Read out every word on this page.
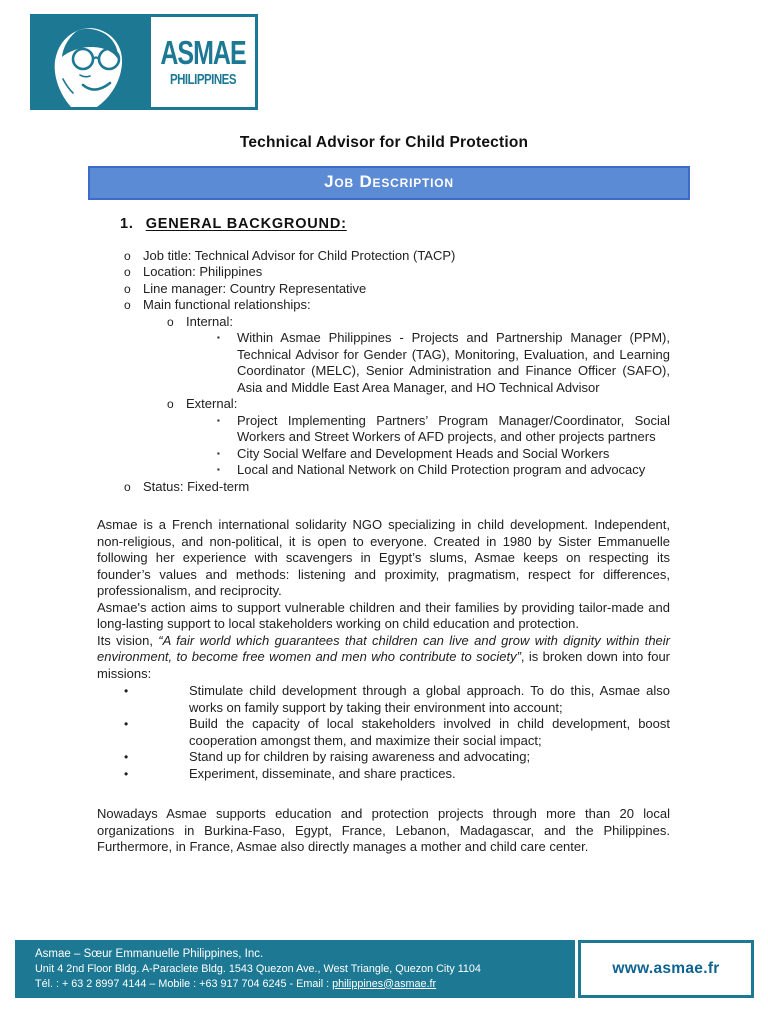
ASMAE
PHILIPPINES
Technical Advisor for Child Protection
Job Description
1. GENERAL BACKGROUND:
o Job title: Technical Advisor for Child Protection (TACP)
o Location: Philippines
o Line manager: Country Representative
o Main functional relationships:
o Internal:
▪	Within Asmae Philippines - Projects and Partnership Manager (PPM), Technical Advisor for Gender (TAG), Monitoring, Evaluation, and Learning Coordinator (MELC), Senior Administration and Finance Officer (SAFO), Asia and Middle East Area Manager, and HO Technical Advisor
o External:
▪	Project Implementing Partners’ Program Manager/Coordinator, Social Workers and Street Workers of AFD projects, and other projects partners
▪	City Social Welfare and Development Heads and Social Workers
▪	Local and National Network on Child Protection program and advocacy
o Status: Fixed-term

Asmae is a French international solidarity NGO specializing in child development. Independent, non-religious, and non-political, it is open to everyone. Created in 1980 by Sister Emmanuelle following her experience with scavengers in Egypt’s slums, Asmae keeps on respecting its founder’s values and methods: listening and proximity, pragmatism, respect for differences, professionalism, and reciprocity.

Asmae's action aims to support vulnerable children and their families by providing tailor-made and long-lasting support to local stakeholders working on child education and protection.

Its vision, “A fair world which guarantees that children can live and grow with dignity within their environment, to become free women and men who contribute to society”, is broken down into four missions:

•	Stimulate child development through a global approach. To do this, Asmae also works on family support by taking their environment into account;
•	Build the capacity of local stakeholders involved in child development, boost cooperation amongst them, and maximize their social impact;
•	Stand up for children by raising awareness and advocating;
•	Experiment, disseminate, and share practices.

Nowadays Asmae supports education and protection projects through more than 20 local organizations in Burkina-Faso, Egypt, France, Lebanon, Madagascar, and the Philippines. Furthermore, in France, Asmae also directly manages a mother and child care center.

Asmae – Sœur Emmanuelle Philippines, Inc.
Unit 4 2nd Floor Bldg. A-Paraclete Bldg. 1543 Quezon Ave., West Triangle, Quezon City 1104
Tél. : + 63 2 8997 4144 – Mobile : +63 917 704 6245 - Email : philippines@asmae.fr
www.asmae.fr
